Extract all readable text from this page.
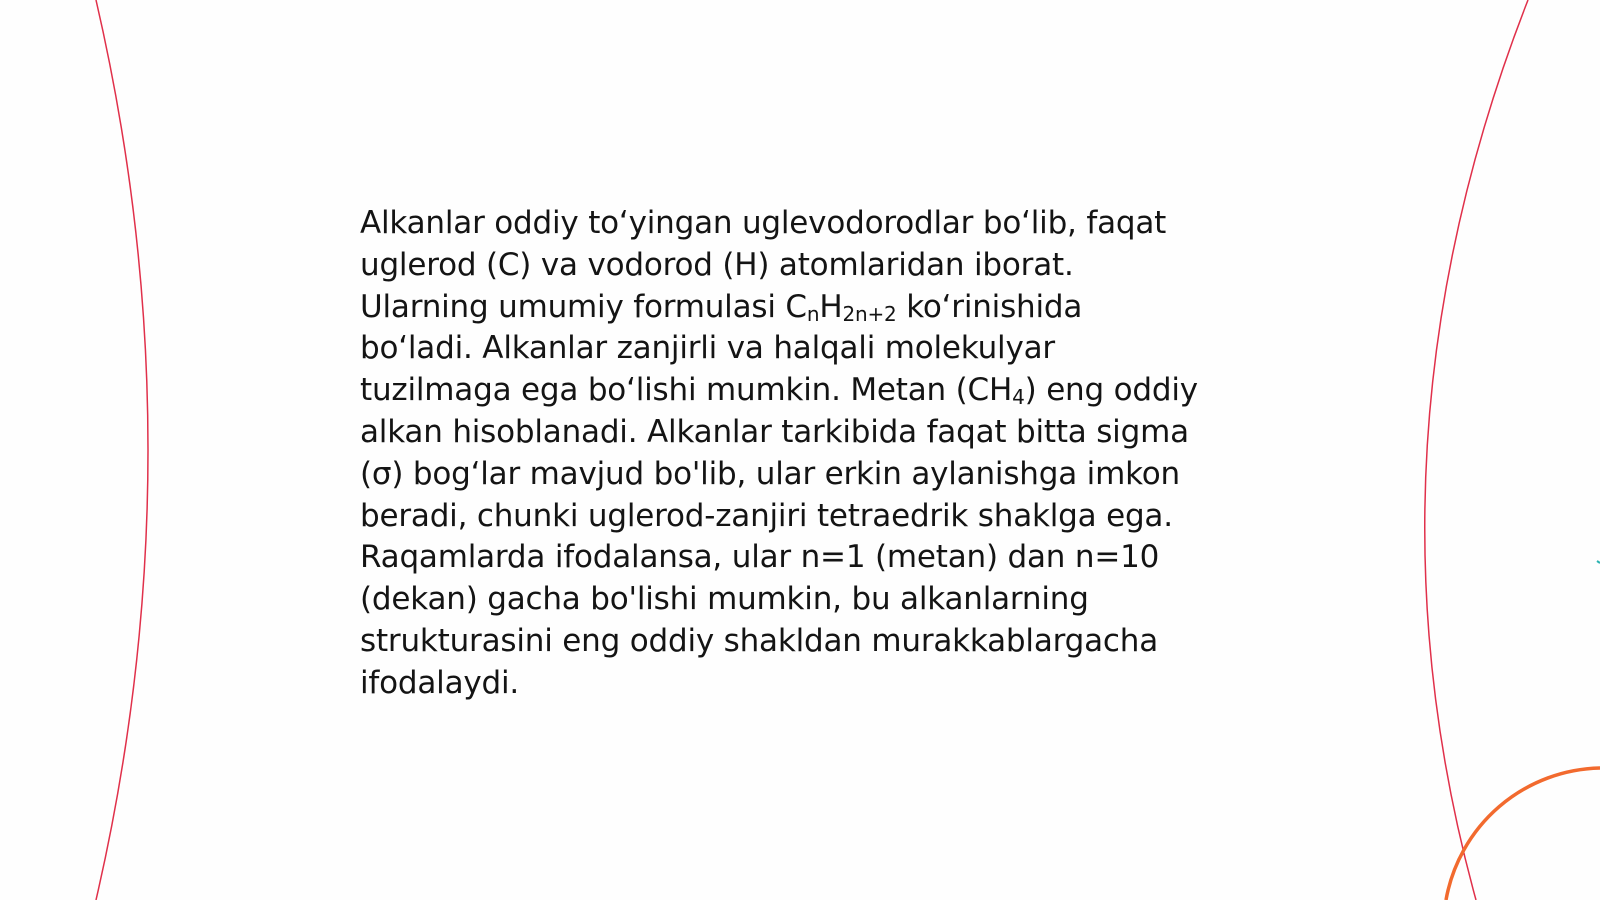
Alkanlar oddiy to‘yingan uglevodorodlar bo‘lib, faqat
uglerod (C) va vodorod (H) atomlaridan iborat.
Ularning umumiy formulasi $C_nH_{2n+2}$ ko‘rinishida
bo‘ladi. Alkanlar zanjirli va halqali molekulyar
tuzilmaga ega bo‘lishi mumkin. Metan $(CH_4)$ eng oddiy
alkan hisoblanadi. Alkanlar tarkibida faqat bitta sigma
(σ) bog‘lar mavjud bo'lib, ular erkin aylanishga imkon
beradi, chunki uglerod-zanjiri tetraedrik shaklga ega.
Raqamlarda ifodalansa, ular n=1 (metan) dan n=10
(dekan) gacha bo'lishi mumkin, bu alkanlarning
strukturasini eng oddiy shakldan murakkablargacha
ifodalaydi.
